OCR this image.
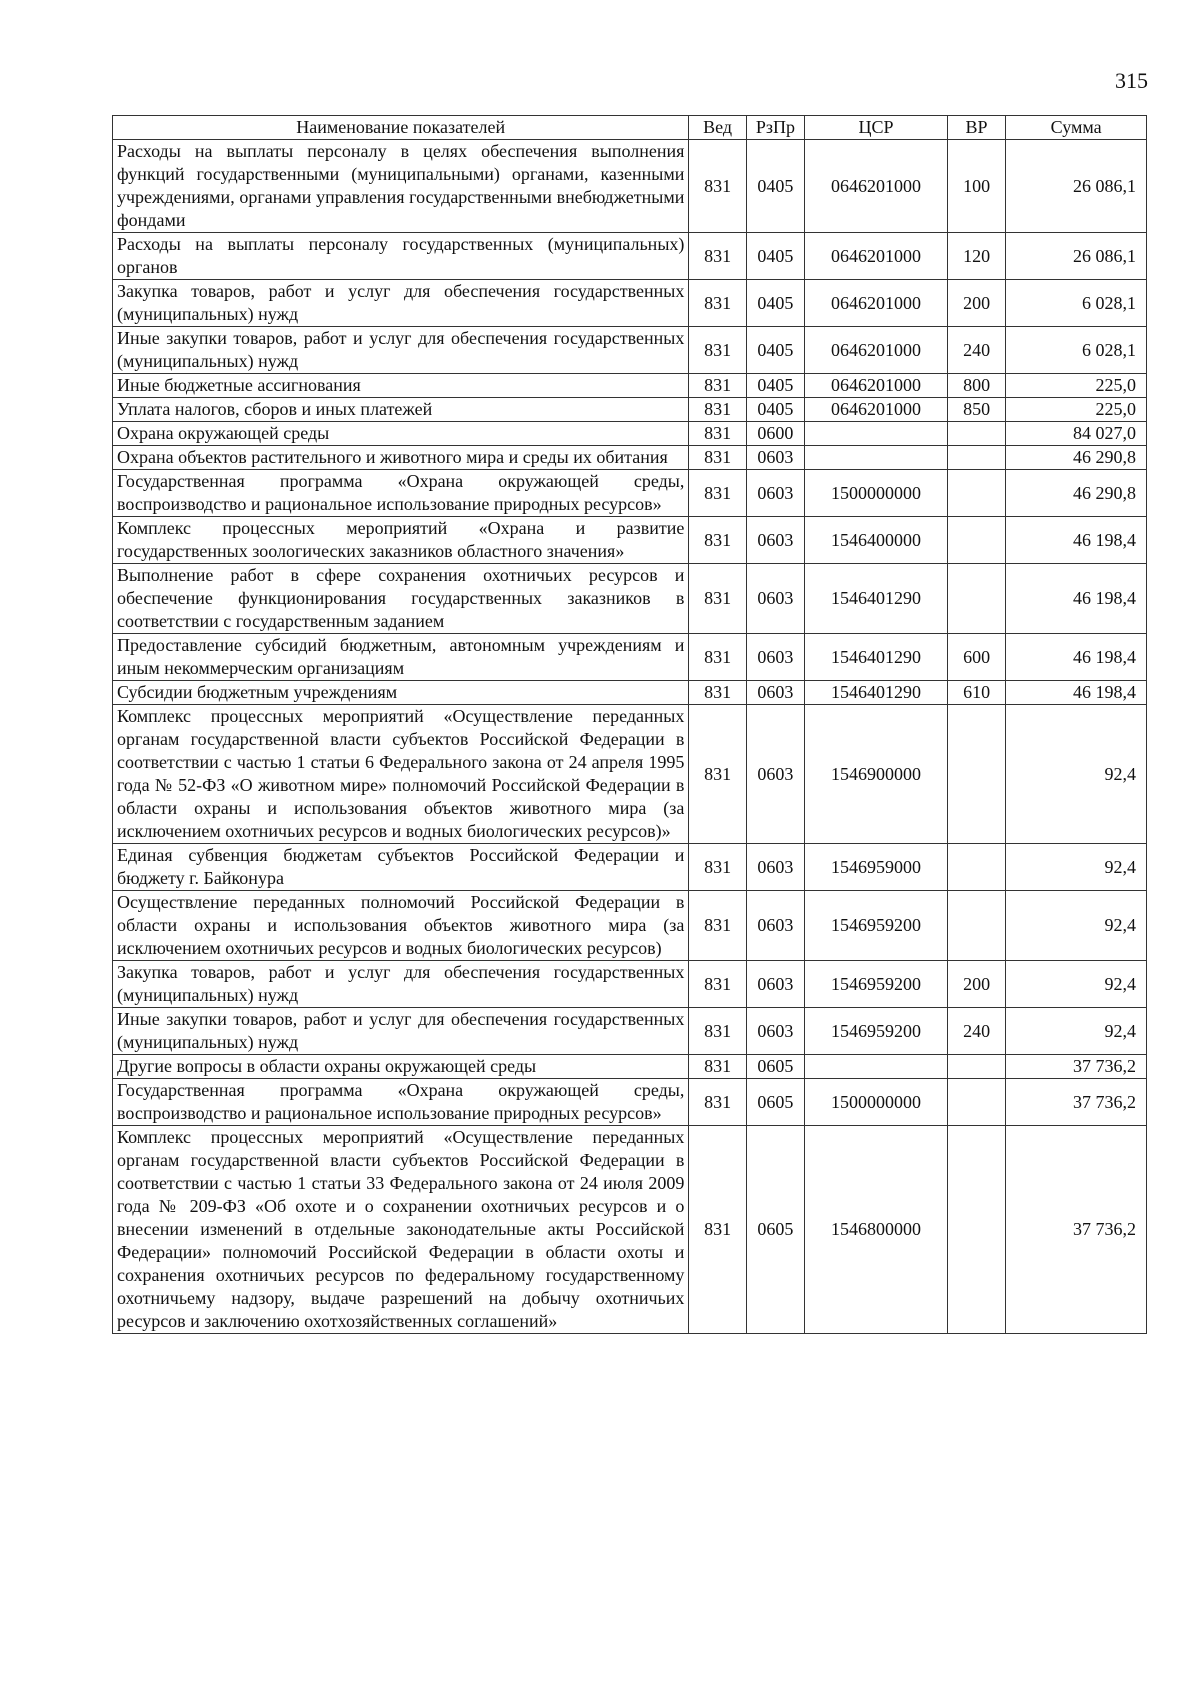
315
Наименование показателей	Вед	РзПр	ЦСР	ВР	Сумма
Расходы на выплаты персоналу в целях обеспечения выполнения функций государственными (муниципальными) органами, казенными учреждениями, органами управления государственными внебюджетными фондами	831	0405	0646201000	100	26 086,1
Расходы на выплаты персоналу государственных (муниципальных) органов	831	0405	0646201000	120	26 086,1
Закупка товаров, работ и услуг для обеспечения государственных (муниципальных) нужд	831	0405	0646201000	200	6 028,1
Иные закупки товаров, работ и услуг для обеспечения государственных (муниципальных) нужд	831	0405	0646201000	240	6 028,1
Иные бюджетные ассигнования	831	0405	0646201000	800	225,0
Уплата налогов, сборов и иных платежей	831	0405	0646201000	850	225,0
Охрана окружающей среды	831	0600			84 027,0
Охрана объектов растительного и животного мира и среды их обитания	831	0603			46 290,8
Государственная программа «Охрана окружающей среды, воспроизводство и рациональное использование природных ресурсов»	831	0603	1500000000		46 290,8
Комплекс процессных мероприятий «Охрана и развитие государственных зоологических заказников областного значения»	831	0603	1546400000		46 198,4
Выполнение работ в сфере сохранения охотничьих ресурсов и обеспечение функционирования государственных заказников в соответствии с государственным заданием	831	0603	1546401290		46 198,4
Предоставление субсидий бюджетным, автономным учреждениям и иным некоммерческим организациям	831	0603	1546401290	600	46 198,4
Субсидии бюджетным учреждениям	831	0603	1546401290	610	46 198,4
Комплекс процессных мероприятий «Осуществление переданных органам государственной власти субъектов Российской Федерации в соответствии с частью 1 статьи 6 Федерального закона от 24 апреля 1995 года № 52-ФЗ «О животном мире» полномочий Российской Федерации в области охраны и использования объектов животного мира (за исключением охотничьих ресурсов и водных биологических ресурсов)»	831	0603	1546900000		92,4
Единая субвенция бюджетам субъектов Российской Федерации и бюджету г. Байконура	831	0603	1546959000		92,4
Осуществление переданных полномочий Российской Федерации в области охраны и использования объектов животного мира (за исключением охотничьих ресурсов и водных биологических ресурсов)	831	0603	1546959200		92,4
Закупка товаров, работ и услуг для обеспечения государственных (муниципальных) нужд	831	0603	1546959200	200	92,4
Иные закупки товаров, работ и услуг для обеспечения государственных (муниципальных) нужд	831	0603	1546959200	240	92,4
Другие вопросы в области охраны окружающей среды	831	0605			37 736,2
Государственная программа «Охрана окружающей среды, воспроизводство и рациональное использование природных ресурсов»	831	0605	1500000000		37 736,2
Комплекс процессных мероприятий «Осуществление переданных органам государственной власти субъектов Российской Федерации в соответствии с частью 1 статьи 33 Федерального закона от 24 июля 2009 года № 209-ФЗ «Об охоте и о сохранении охотничьих ресурсов и о внесении изменений в отдельные законодательные акты Российской Федерации» полномочий Российской Федерации в области охоты и сохранения охотничьих ресурсов по федеральному государственному охотничьему надзору, выдаче разрешений на добычу охотничьих ресурсов и заключению охотхозяйственных соглашений»	831	0605	1546800000		37 736,2
